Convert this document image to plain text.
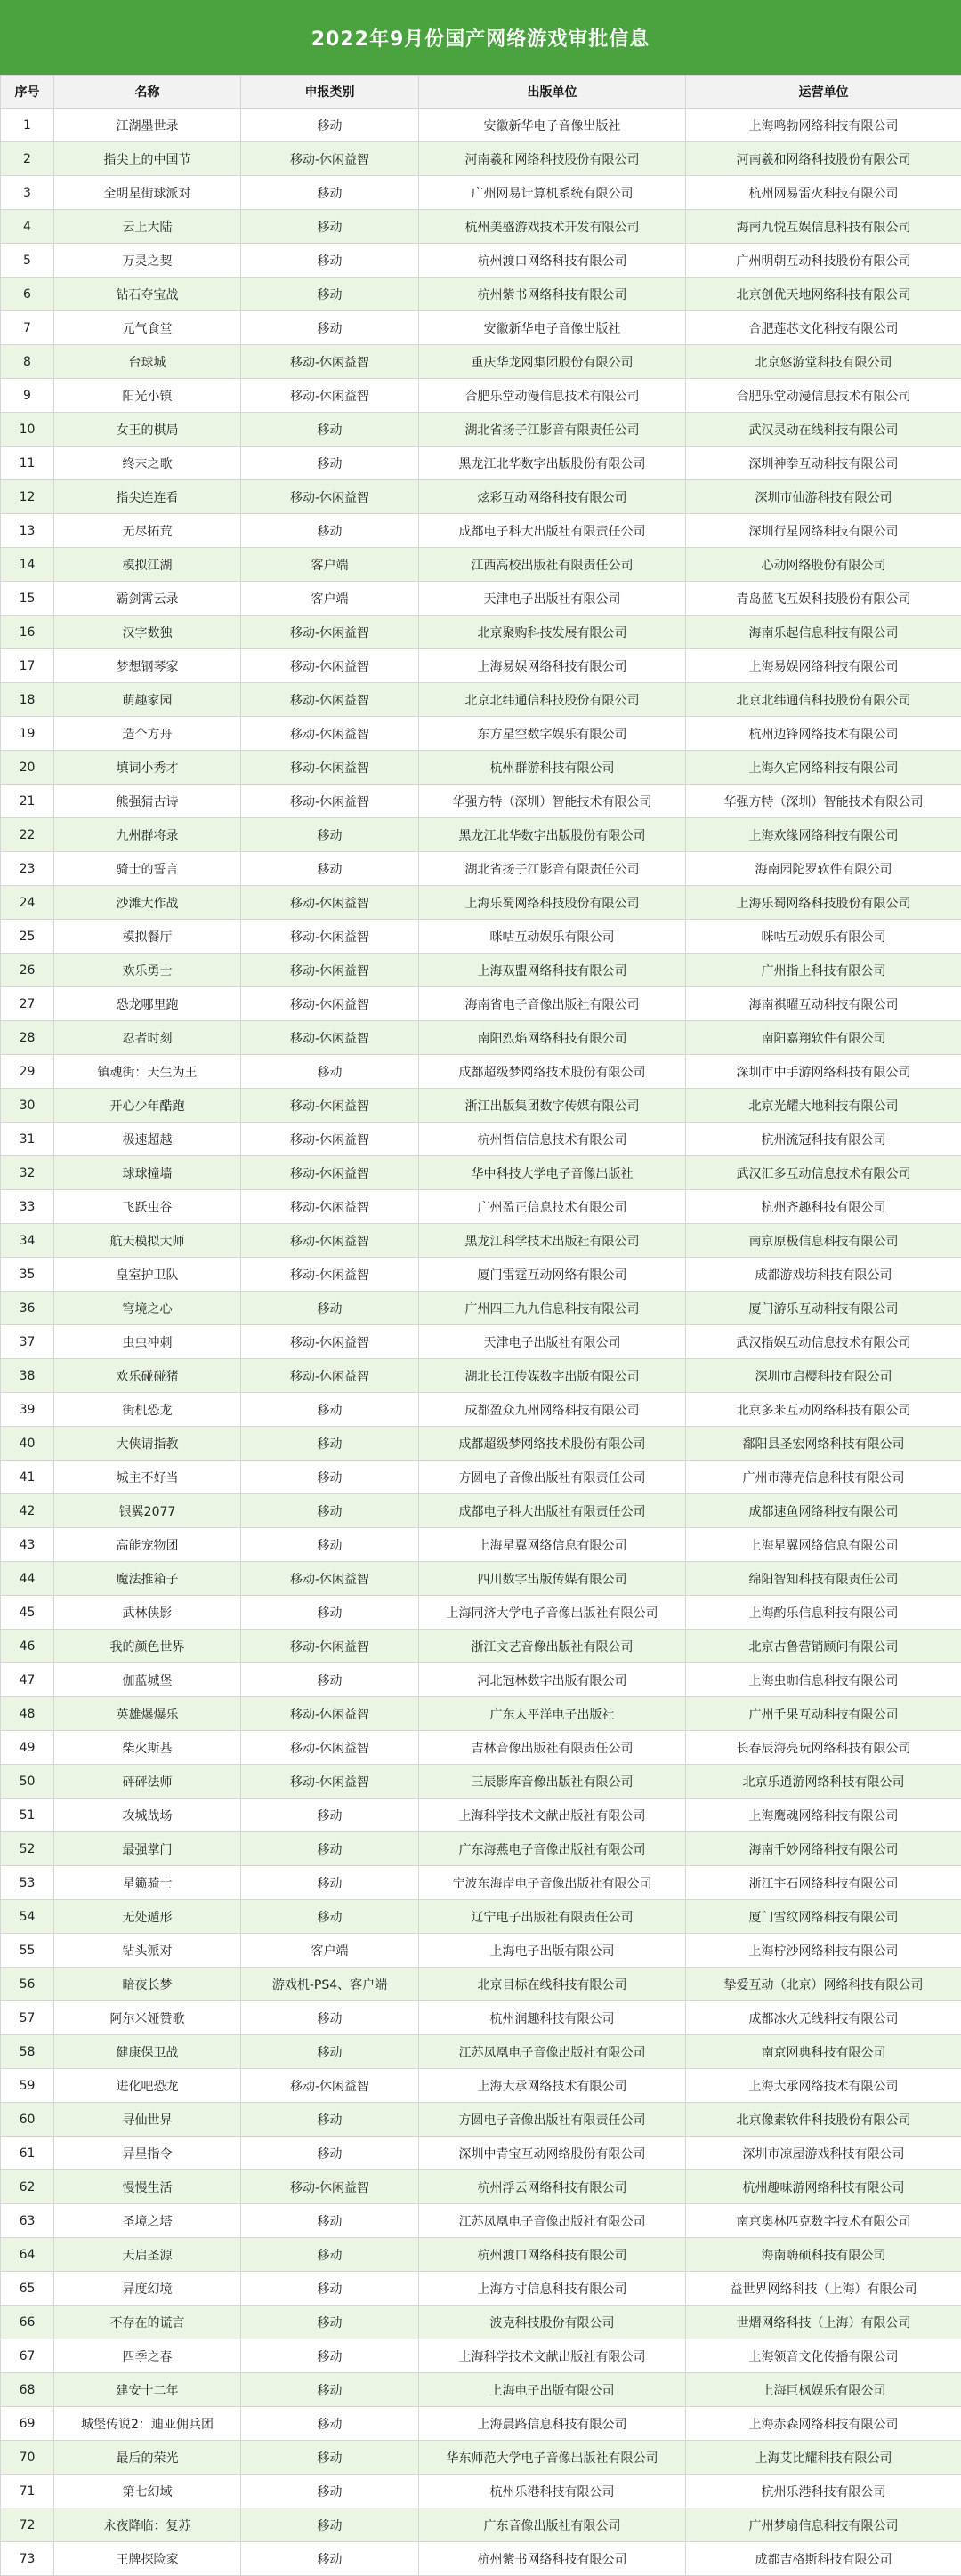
2022年9月份国产网络游戏审批信息
序号	名称	申报类别	出版单位	运营单位
1	江湖墨世录	移动	安徽新华电子音像出版社	上海鸣勃网络科技有限公司
2	指尖上的中国节	移动-休闲益智	河南羲和网络科技股份有限公司	河南羲和网络科技股份有限公司
3	全明星街球派对	移动	广州网易计算机系统有限公司	杭州网易雷火科技有限公司
4	云上大陆	移动	杭州美盛游戏技术开发有限公司	海南九悦互娱信息科技有限公司
5	万灵之契	移动	杭州渡口网络科技有限公司	广州明朝互动科技股份有限公司
6	钻石夺宝战	移动	杭州紫书网络科技有限公司	北京创优天地网络科技有限公司
7	元气食堂	移动	安徽新华电子音像出版社	合肥莲芯文化科技有限公司
8	台球城	移动-休闲益智	重庆华龙网集团股份有限公司	北京悠游堂科技有限公司
9	阳光小镇	移动-休闲益智	合肥乐堂动漫信息技术有限公司	合肥乐堂动漫信息技术有限公司
10	女王的棋局	移动	湖北省扬子江影音有限责任公司	武汉灵动在线科技有限公司
11	终末之歌	移动	黑龙江北华数字出版股份有限公司	深圳神拳互动科技有限公司
12	指尖连连看	移动-休闲益智	炫彩互动网络科技有限公司	深圳市仙游科技有限公司
13	无尽拓荒	移动	成都电子科大出版社有限责任公司	深圳行星网络科技有限公司
14	模拟江湖	客户端	江西高校出版社有限责任公司	心动网络股份有限公司
15	霸剑霄云录	客户端	天津电子出版社有限公司	青岛蓝飞互娱科技股份有限公司
16	汉字数独	移动-休闲益智	北京聚购科技发展有限公司	海南乐起信息科技有限公司
17	梦想钢琴家	移动-休闲益智	上海易娱网络科技有限公司	上海易娱网络科技有限公司
18	萌趣家园	移动-休闲益智	北京北纬通信科技股份有限公司	北京北纬通信科技股份有限公司
19	造个方舟	移动-休闲益智	东方星空数字娱乐有限公司	杭州边锋网络技术有限公司
20	填词小秀才	移动-休闲益智	杭州群游科技有限公司	上海久宜网络科技有限公司
21	熊强猜古诗	移动-休闲益智	华强方特（深圳）智能技术有限公司	华强方特（深圳）智能技术有限公司
22	九州群将录	移动	黑龙江北华数字出版股份有限公司	上海欢缘网络科技有限公司
23	骑士的誓言	移动	湖北省扬子江影音有限责任公司	海南园陀罗软件有限公司
24	沙滩大作战	移动-休闲益智	上海乐蜀网络科技股份有限公司	上海乐蜀网络科技股份有限公司
25	模拟餐厅	移动-休闲益智	咪咕互动娱乐有限公司	咪咕互动娱乐有限公司
26	欢乐勇士	移动-休闲益智	上海双盟网络科技有限公司	广州指上科技有限公司
27	恐龙哪里跑	移动-休闲益智	海南省电子音像出版社有限公司	海南祺曜互动科技有限公司
28	忍者时刻	移动-休闲益智	南阳烈焰网络科技有限公司	南阳嘉翔软件有限公司
29	镇魂街：天生为王	移动	成都超级梦网络技术股份有限公司	深圳市中手游网络科技有限公司
30	开心少年酷跑	移动-休闲益智	浙江出版集团数字传媒有限公司	北京光耀大地科技有限公司
31	极速超越	移动-休闲益智	杭州哲信信息技术有限公司	杭州流冠科技有限公司
32	球球撞墙	移动-休闲益智	华中科技大学电子音像出版社	武汉汇多互动信息技术有限公司
33	飞跃虫谷	移动-休闲益智	广州盈正信息技术有限公司	杭州齐趣科技有限公司
34	航天模拟大师	移动-休闲益智	黑龙江科学技术出版社有限公司	南京原极信息科技有限公司
35	皇室护卫队	移动-休闲益智	厦门雷霆互动网络有限公司	成都游戏坊科技有限公司
36	穹境之心	移动	广州四三九九信息科技有限公司	厦门游乐互动科技有限公司
37	虫虫冲刺	移动-休闲益智	天津电子出版社有限公司	武汉指娱互动信息技术有限公司
38	欢乐碰碰猪	移动-休闲益智	湖北长江传媒数字出版有限公司	深圳市启樱科技有限公司
39	街机恐龙	移动	成都盈众九州网络科技有限公司	北京多米互动网络科技有限公司
40	大侠请指教	移动	成都超级梦网络技术股份有限公司	鄱阳县圣宏网络科技有限公司
41	城主不好当	移动	方圆电子音像出版社有限责任公司	广州市薄壳信息科技有限公司
42	银翼2077	移动	成都电子科大出版社有限责任公司	成都速鱼网络科技有限公司
43	高能宠物团	移动	上海星翼网络信息有限公司	上海星翼网络信息有限公司
44	魔法推箱子	移动-休闲益智	四川数字出版传媒有限公司	绵阳智知科技有限责任公司
45	武林侠影	移动	上海同济大学电子音像出版社有限公司	上海酌乐信息科技有限公司
46	我的颜色世界	移动-休闲益智	浙江文艺音像出版社有限公司	北京古鲁营销顾问有限公司
47	伽蓝城堡	移动	河北冠林数字出版有限公司	上海虫咖信息科技有限公司
48	英雄爆爆乐	移动-休闲益智	广东太平洋电子出版社	广州千果互动科技有限公司
49	柴火斯基	移动-休闲益智	吉林音像出版社有限责任公司	长春辰海亮玩网络科技有限公司
50	砰砰法师	移动-休闲益智	三辰影库音像出版社有限公司	北京乐逍游网络科技有限公司
51	攻城战场	移动	上海科学技术文献出版社有限公司	上海鹰魂网络科技有限公司
52	最强掌门	移动	广东海燕电子音像出版社有限公司	海南千妙网络科技有限公司
53	星籁骑士	移动	宁波东海岸电子音像出版社有限公司	浙江宇石网络科技有限公司
54	无处遁形	移动	辽宁电子出版社有限责任公司	厦门雪纹网络科技有限公司
55	钻头派对	客户端	上海电子出版有限公司	上海柠沙网络科技有限公司
56	暗夜长梦	游戏机-PS4、客户端	北京目标在线科技有限公司	挚爱互动（北京）网络科技有限公司
57	阿尔米娅赞歌	移动	杭州润趣科技有限公司	成都冰火无线科技有限公司
58	健康保卫战	移动	江苏凤凰电子音像出版社有限公司	南京网典科技有限公司
59	进化吧恐龙	移动-休闲益智	上海大承网络技术有限公司	上海大承网络技术有限公司
60	寻仙世界	移动	方圆电子音像出版社有限责任公司	北京像素软件科技股份有限公司
61	异星指令	移动	深圳中青宝互动网络股份有限公司	深圳市凉屋游戏科技有限公司
62	慢慢生活	移动-休闲益智	杭州浮云网络科技有限公司	杭州趣味游网络科技有限公司
63	圣境之塔	移动	江苏凤凰电子音像出版社有限公司	南京奥林匹克数字技术有限公司
64	天启圣源	移动	杭州渡口网络科技有限公司	海南嗨硕科技有限公司
65	异度幻境	移动	上海方寸信息科技有限公司	益世界网络科技（上海）有限公司
66	不存在的谎言	移动	波克科技股份有限公司	世熠网络科技（上海）有限公司
67	四季之春	移动	上海科学技术文献出版社有限公司	上海领音文化传播有限公司
68	建安十二年	移动	上海电子出版有限公司	上海巨枫娱乐有限公司
69	城堡传说2：迪亚佣兵团	移动	上海晨路信息科技有限公司	上海赤森网络科技有限公司
70	最后的荣光	移动	华东师范大学电子音像出版社有限公司	上海艾比耀科技有限公司
71	第七幻域	移动	杭州乐港科技有限公司	杭州乐港科技有限公司
72	永夜降临：复苏	移动	广东音像出版社有限公司	广州梦扇信息科技有限公司
73	王牌探险家	移动	杭州紫书网络科技有限公司	成都吉格斯科技有限公司
